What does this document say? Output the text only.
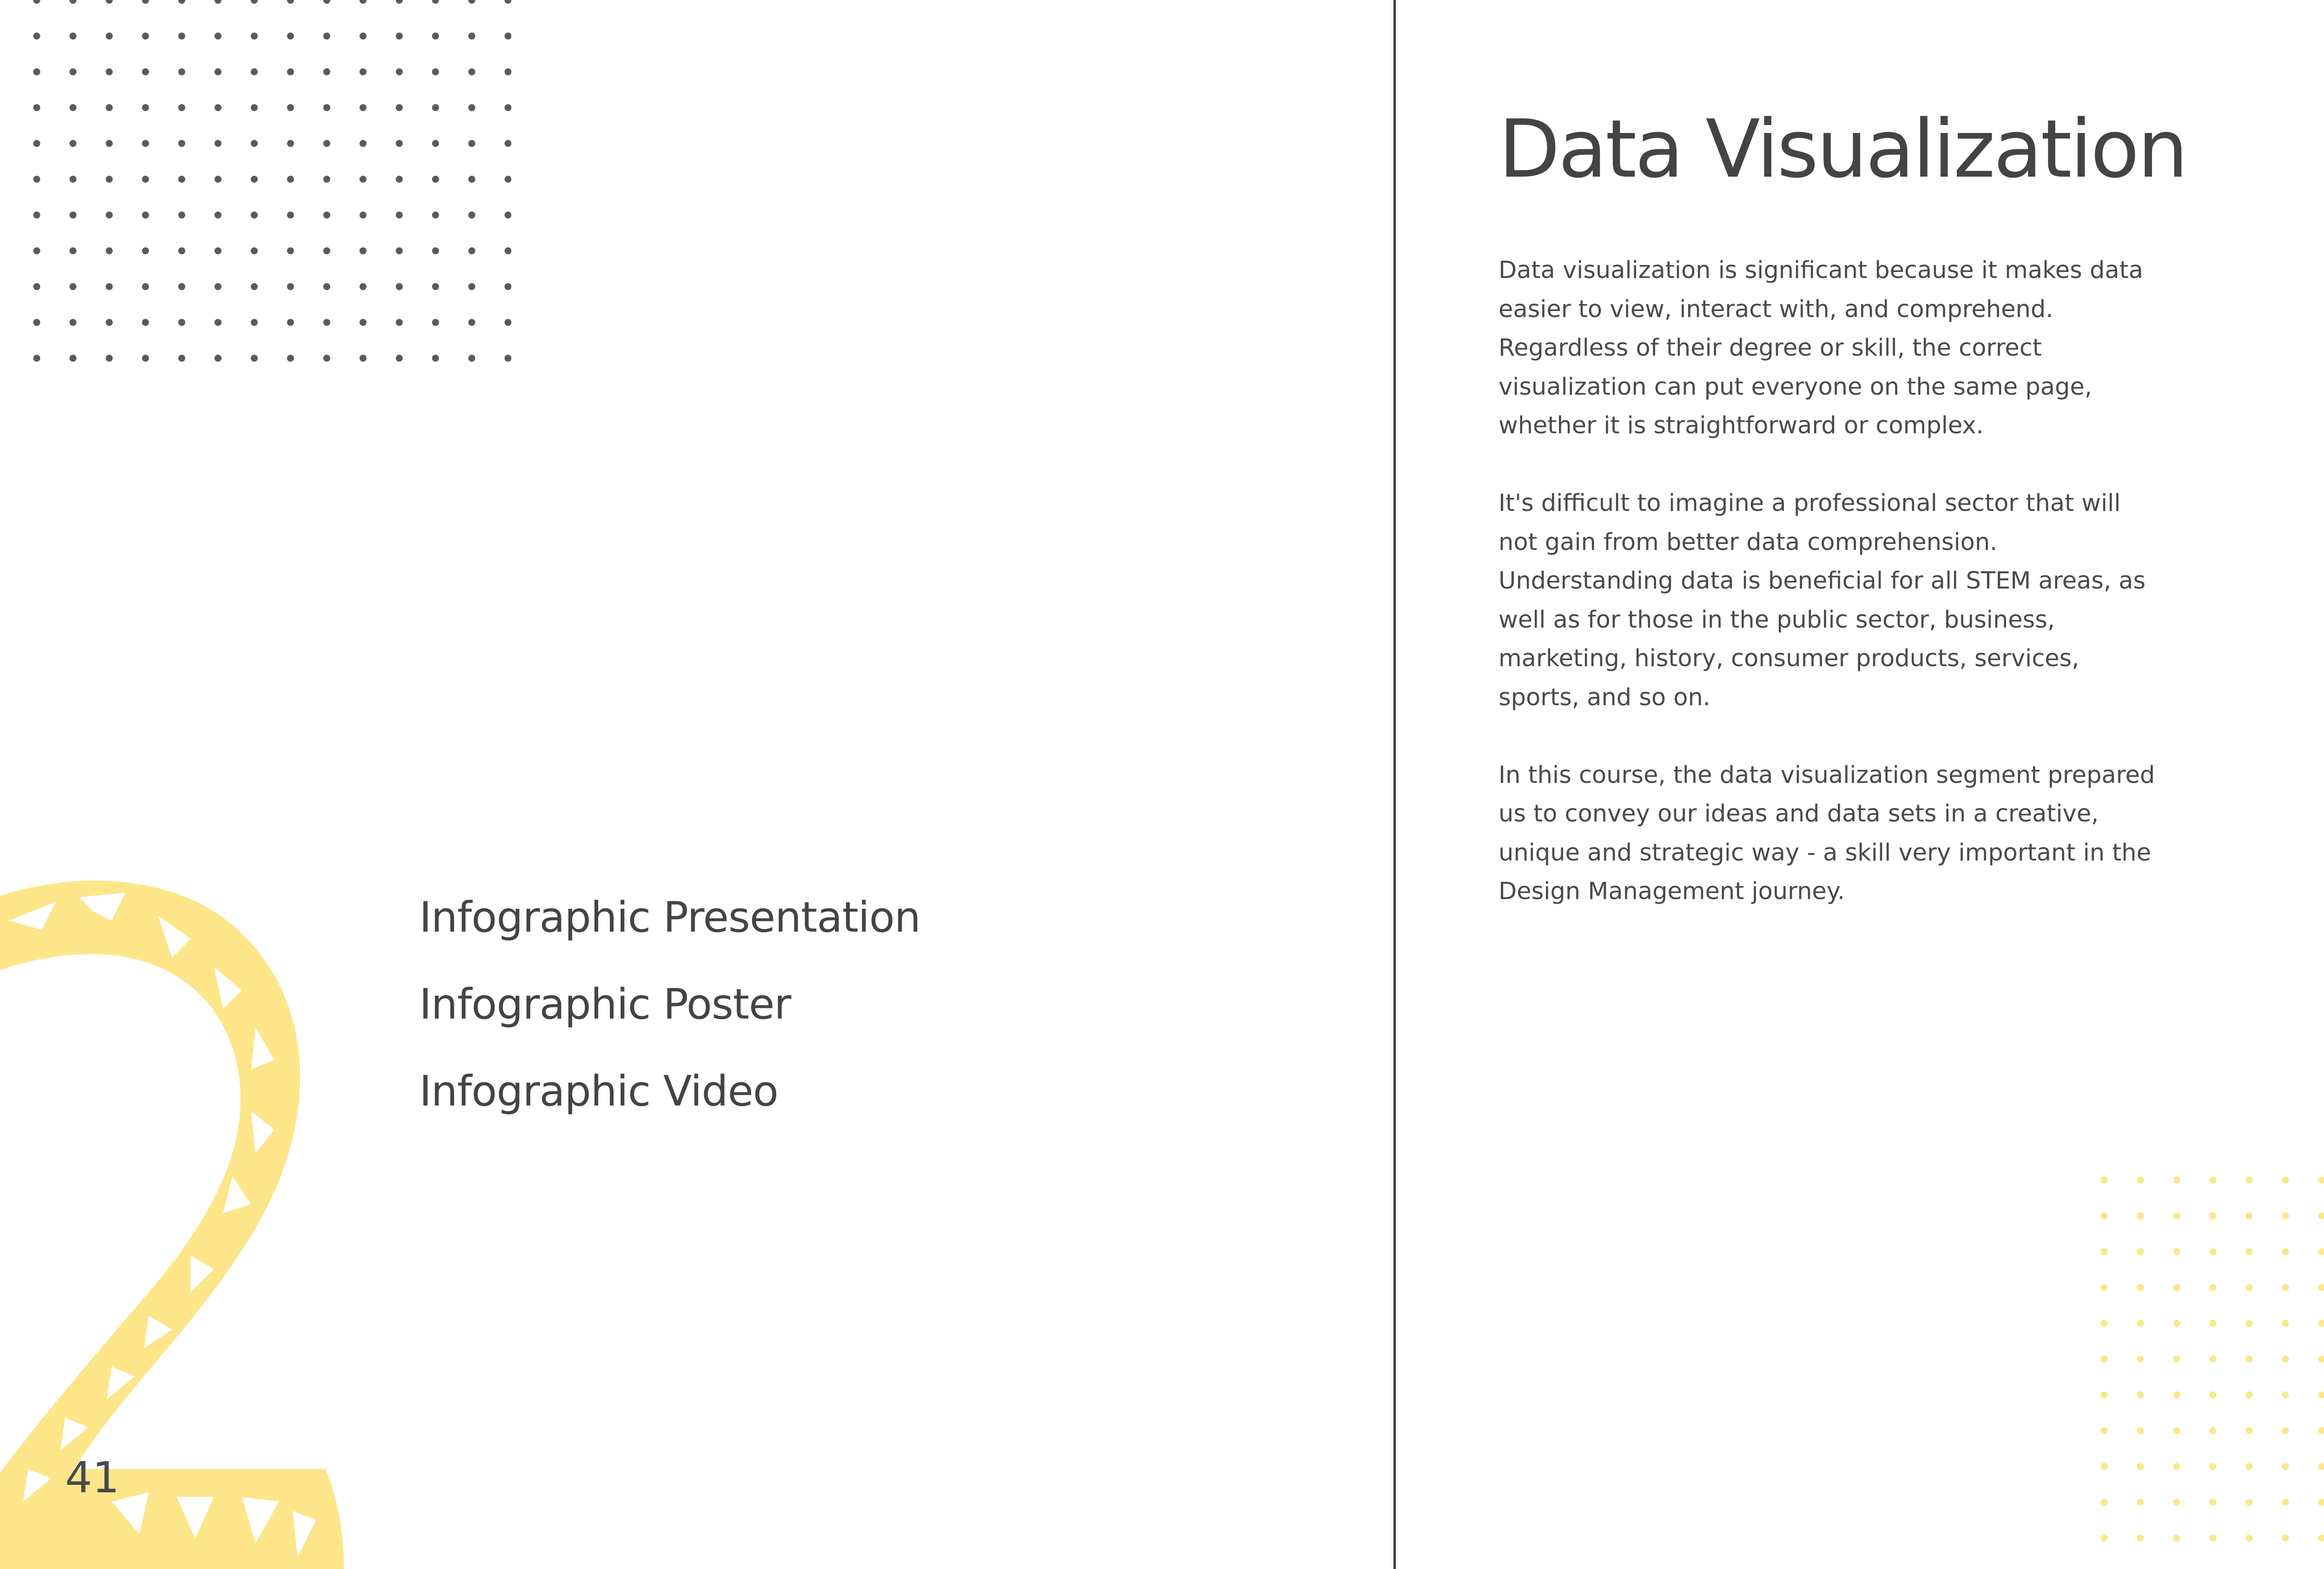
Infographic Presentation
Infographic Poster
Infographic Video
41
Data Visualization

Data visualization is significant because it makes data easier to view, interact with, and comprehend. Regardless of their degree or skill, the correct visualization can put everyone on the same page, whether it is straightforward or complex.

It's difficult to imagine a professional sector that will not gain from better data comprehension. Understanding data is beneficial for all STEM areas, as well as for those in the public sector, business, marketing, history, consumer products, services, sports, and so on.

In this course, the data visualization segment prepared us to convey our ideas and data sets in a creative, unique and strategic way - a skill very important in the Design Management journey.
